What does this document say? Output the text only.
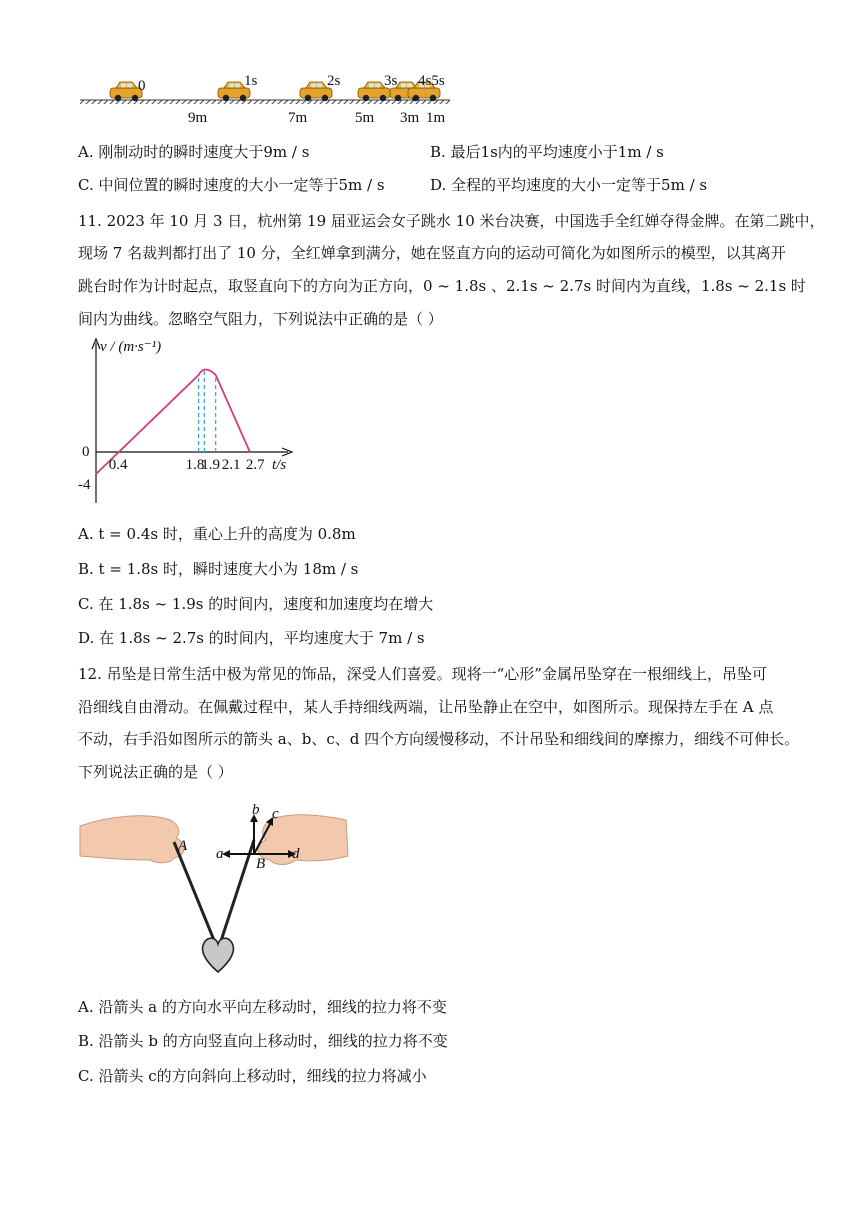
0	1s	2s	3s 4s5s
9m	7m	5m 3m 1m
A. 刚制动时的瞬时速度大于9m / s	B. 最后1s内的平均速度小于1m / s
C. 中间位置的瞬时速度的大小一定等于5m / s	D. 全程的平均速度的大小一定等于5m / s
11. 2023 年 10 月 3 日，杭州第 19 届亚运会女子跳水 10 米台决赛，中国选手全红婵夺得金牌。在第二跳中，
现场 7 名裁判都打出了 10 分，全红婵拿到满分，她在竖直方向的运动可简化为如图所示的模型，以其离开
跳台时作为计时起点，取竖直向下的方向为正方向，0 ~ 1.8s 、2.1s ~ 2.7s 时间内为直线，1.8s ~ 2.1s 时
间内为曲线。忽略空气阻力，下列说法中正确的是（ ）
0.4	1.8
1.9 2.1 2.7
v / (m·s⁻¹)
t/s
0
-4
A. t = 0.4s 时，重心上升的高度为 0.8m
B. t = 1.8s 时，瞬时速度大小为 18m / s
C. 在 1.8s ~ 1.9s 的时间内，速度和加速度均在增大
D. 在 1.8s ~ 2.7s 的时间内，平均速度大于 7m / s
12. 吊坠是日常生活中极为常见的饰品，深受人们喜爱。现将一“心形”金属吊坠穿在一根细线上，吊坠可
沿细线自由滑动。在佩戴过程中，某人手持细线两端，让吊坠静止在空中，如图所示。现保持左手在 A 点
不动，右手沿如图所示的箭头 a、b、c、d 四个方向缓慢移动，不计吊坠和细线间的摩擦力，细线不可伸长。
下列说法正确的是（ ）
A
B
a
b c
d
A. 沿箭头 a 的方向水平向左移动时，细线的拉力将不变
B. 沿箭头 b 的方向竖直向上移动时，细线的拉力将不变
C. 沿箭头 c的方向斜向上移动时，细线的拉力将减小
